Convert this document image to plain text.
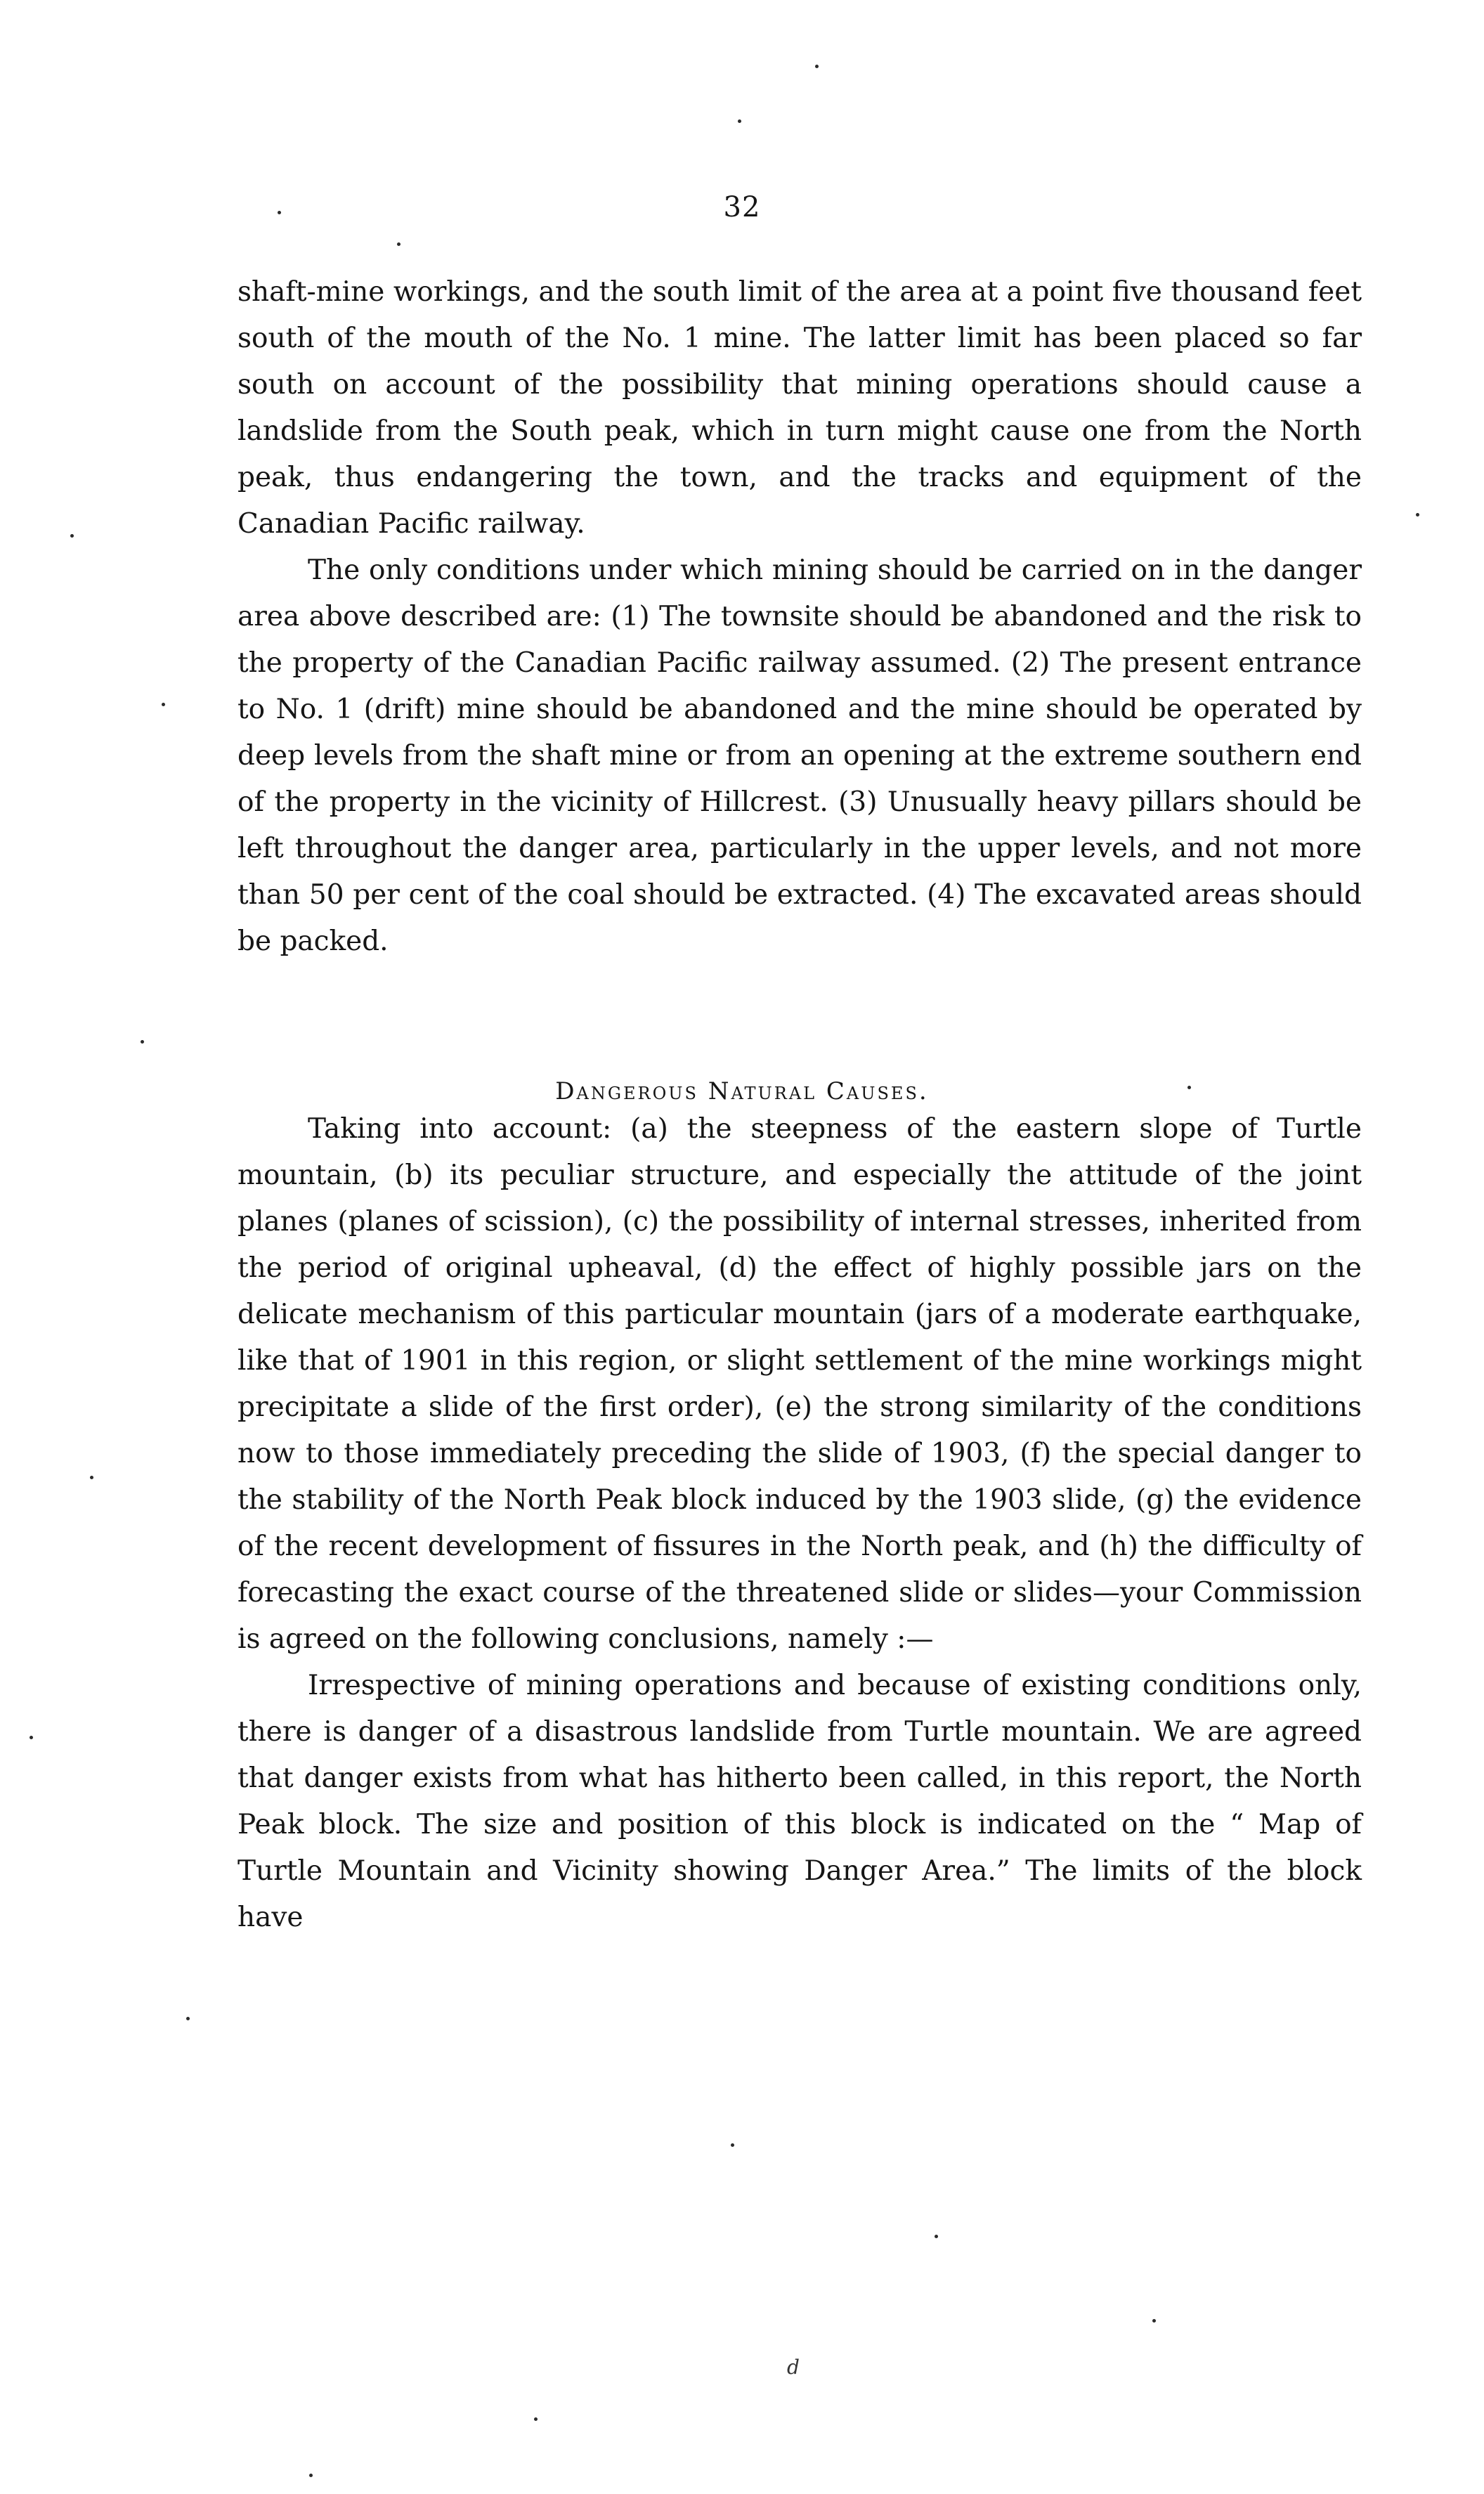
32

shaft-mine workings, and the south limit of the area at a point five thousand feet south of the mouth of the No. 1 mine. The latter limit has been placed so far south on account of the possibility that mining operations should cause a landslide from the South peak, which in turn might cause one from the North peak, thus endangering the town, and the tracks and equipment of the Canadian Pacific railway.

The only conditions under which mining should be carried on in the danger area above described are: (1) The townsite should be abandoned and the risk to the property of the Canadian Pacific railway assumed. (2) The present entrance to No. 1 (drift) mine should be abandoned and the mine should be operated by deep levels from the shaft mine or from an opening at the extreme southern end of the property in the vicinity of Hillcrest. (3) Unusually heavy pillars should be left throughout the danger area, particularly in the upper levels, and not more than 50 per cent of the coal should be extracted. (4) The excavated areas should be packed.

Dangerous Natural Causes.

Taking into account: (a) the steepness of the eastern slope of Turtle mountain, (b) its peculiar structure, and especially the attitude of the joint planes (planes of scission), (c) the possibility of internal stresses, inherited from the period of original upheaval, (d) the effect of highly possible jars on the delicate mechanism of this particular mountain (jars of a moderate earthquake, like that of 1901 in this region, or slight settlement of the mine workings might precipitate a slide of the first order), (e) the strong similarity of the conditions now to those immediately preceding the slide of 1903, (f) the special danger to the stability of the North Peak block induced by the 1903 slide, (g) the evidence of the recent development of fissures in the North peak, and (h) the difficulty of forecasting the exact course of the threatened slide or slides—your Commission is agreed on the following conclusions, namely :—

Irrespective of mining operations and because of existing conditions only, there is danger of a disastrous landslide from Turtle mountain. We are agreed that danger exists from what has hitherto been called, in this report, the North Peak block. The size and position of this block is indicated on the “ Map of Turtle Mountain and Vicinity showing Danger Area.” The limits of the block have

d
